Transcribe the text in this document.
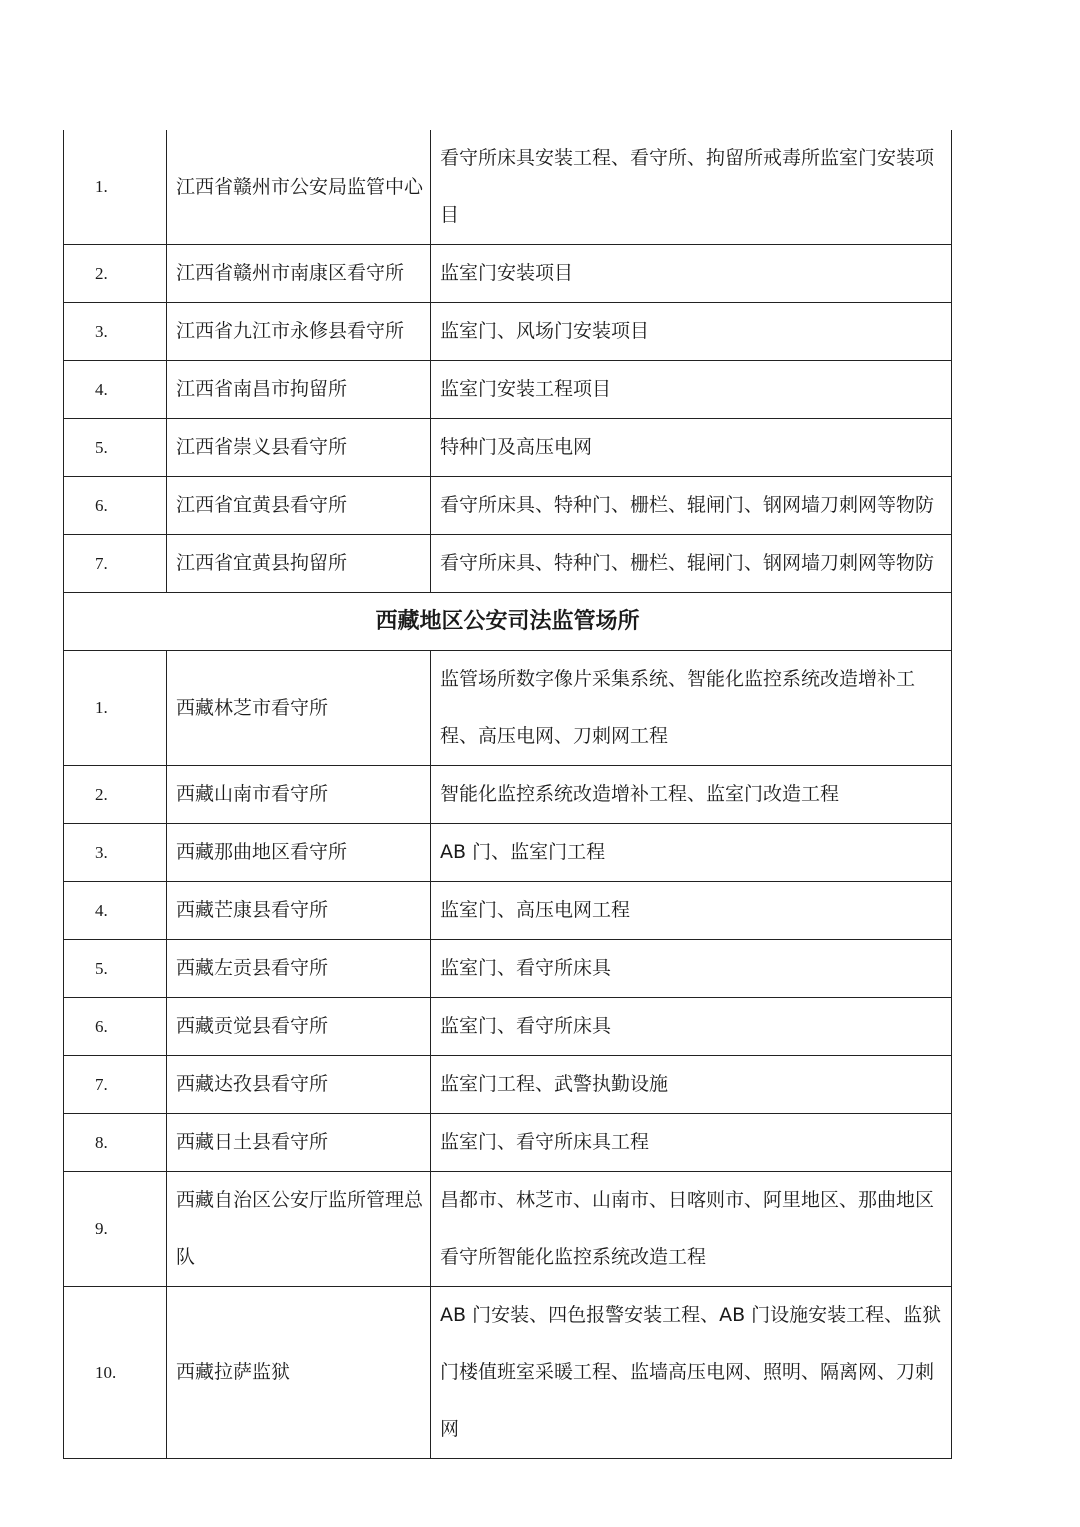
1.	江西省赣州市公安局监管中心	看守所床具安装工程、看守所、拘留所戒毒所监室门安装项目
2.	江西省赣州市南康区看守所	监室门安装项目
3.	江西省九江市永修县看守所	监室门、风场门安装项目
4.	江西省南昌市拘留所	监室门安装工程项目
5.	江西省崇义县看守所	特种门及高压电网
6.	江西省宜黄县看守所	看守所床具、特种门、栅栏、辊闸门、钢网墙刀刺网等物防
7.	江西省宜黄县拘留所	看守所床具、特种门、栅栏、辊闸门、钢网墙刀刺网等物防
西藏地区公安司法监管场所		
1.	西藏林芝市看守所	监管场所数字像片采集系统、智能化监控系统改造增补工程、高压电网、刀刺网工程
2.	西藏山南市看守所	智能化监控系统改造增补工程、监室门改造工程
3.	西藏那曲地区看守所	AB 门、监室门工程
4.	西藏芒康县看守所	监室门、高压电网工程
5.	西藏左贡县看守所	监室门、看守所床具
6.	西藏贡觉县看守所	监室门、看守所床具
7.	西藏达孜县看守所	监室门工程、武警执勤设施
8.	西藏日土县看守所	监室门、看守所床具工程
9.	西藏自治区公安厅监所管理总队	昌都市、林芝市、山南市、日喀则市、阿里地区、那曲地区看守所智能化监控系统改造工程
10.	西藏拉萨监狱	AB 门安装、四色报警安装工程、AB 门设施安装工程、监狱门楼值班室采暖工程、监墙高压电网、照明、隔离网、刀刺网
